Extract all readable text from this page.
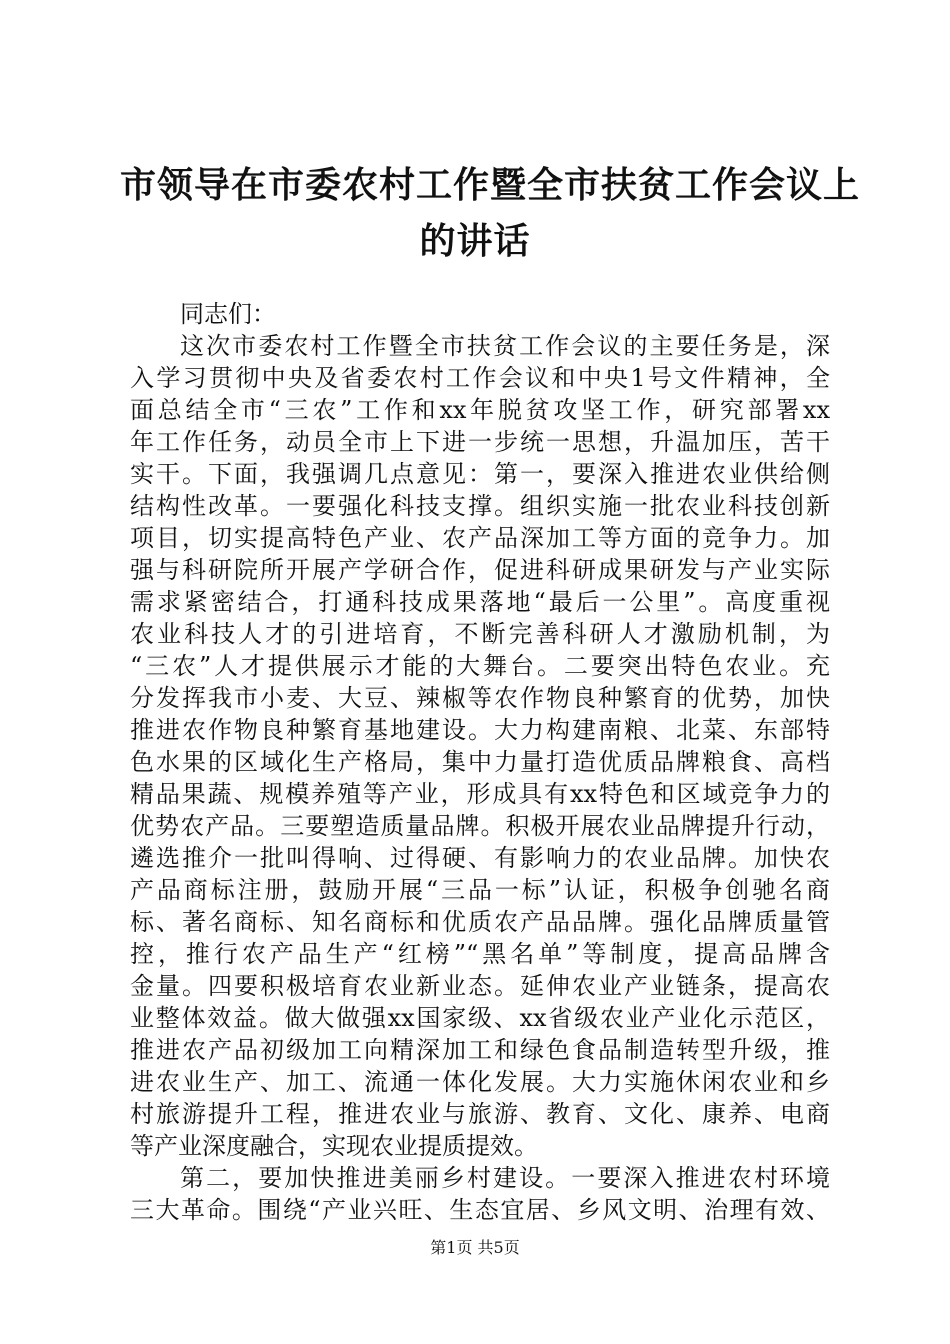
市领导在市委农村工作暨全市扶贫工作会议上
的讲话
同志们：
这次市委农村工作暨全市扶贫工作会议的主要任务是，深
入学习贯彻中央及省委农村工作会议和中央1号文件精神，全
面总结全市“三农”工作和xx年脱贫攻坚工作，研究部署xx
年工作任务，动员全市上下进一步统一思想，升温加压，苦干
实干。下面，我强调几点意见：第一，要深入推进农业供给侧
结构性改革。一要强化科技支撑。组织实施一批农业科技创新
项目，切实提高特色产业、农产品深加工等方面的竞争力。加
强与科研院所开展产学研合作，促进科研成果研发与产业实际
需求紧密结合，打通科技成果落地“最后一公里”。高度重视
农业科技人才的引进培育，不断完善科研人才激励机制，为
“三农”人才提供展示才能的大舞台。二要突出特色农业。充
分发挥我市小麦、大豆、辣椒等农作物良种繁育的优势，加快
推进农作物良种繁育基地建设。大力构建南粮、北菜、东部特
色水果的区域化生产格局，集中力量打造优质品牌粮食、高档
精品果蔬、规模养殖等产业，形成具有xx特色和区域竞争力的
优势农产品。三要塑造质量品牌。积极开展农业品牌提升行动，
遴选推介一批叫得响、过得硬、有影响力的农业品牌。加快农
产品商标注册，鼓励开展“三品一标”认证，积极争创驰名商
标、著名商标、知名商标和优质农产品品牌。强化品牌质量管
控，推行农产品生产“红榜”“黑名单”等制度，提高品牌含
金量。四要积极培育农业新业态。延伸农业产业链条，提高农
业整体效益。做大做强xx国家级、xx省级农业产业化示范区，
推进农产品初级加工向精深加工和绿色食品制造转型升级，推
进农业生产、加工、流通一体化发展。大力实施休闲农业和乡
村旅游提升工程，推进农业与旅游、教育、文化、康养、电商
等产业深度融合，实现农业提质提效。
第二，要加快推进美丽乡村建设。一要深入推进农村环境
三大革命。围绕“产业兴旺、生态宜居、乡风文明、治理有效、
第1页 共5页
